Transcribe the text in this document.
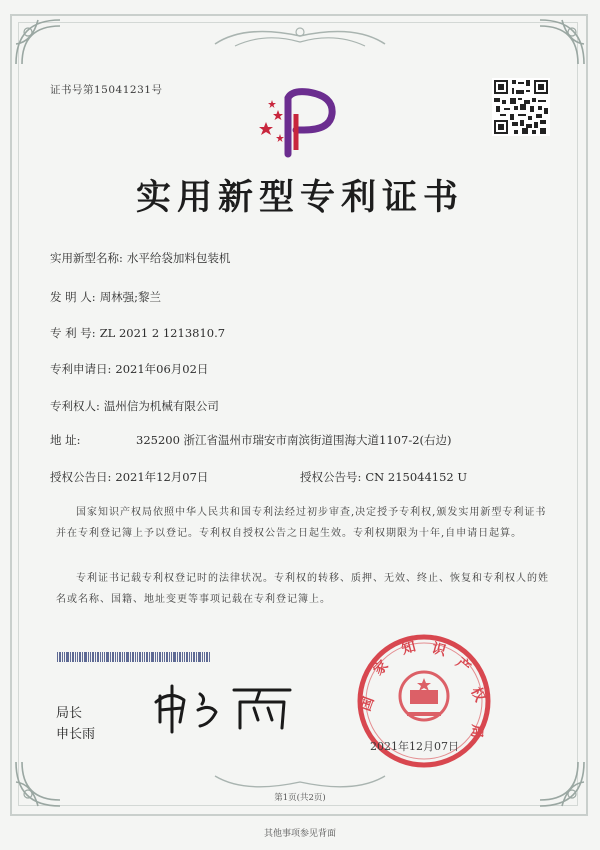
证书号第15041231号
实用新型专利证书
实用新型名称: 水平给袋加料包装机
发 明 人: 周林强;黎兰
专 利 号: ZL 2021 2 1213810.7
专利申请日: 2021年06月02日
专利权人: 温州信为机械有限公司
地 址:	325200 浙江省温州市瑞安市南滨街道围海大道1107-2(右边)
授权公告日: 2021年12月07日	授权公告号: CN 215044152 U
国家知识产权局依照中华人民共和国专利法经过初步审查,决定授予专利权,颁发实用新型专利证书并在专利登记簿上予以登记。专利权自授权公告之日起生效。专利权期限为十年,自申请日起算。
专利证书记载专利权登记时的法律状况。专利权的转移、质押、无效、终止、恢复和专利权人的姓名或名称、国籍、地址变更等事项记载在专利登记簿上。
局长
申长雨
国
家
知 识
产
权
局
2021年12月07日
第1页(共2页)
其他事项参见背面
